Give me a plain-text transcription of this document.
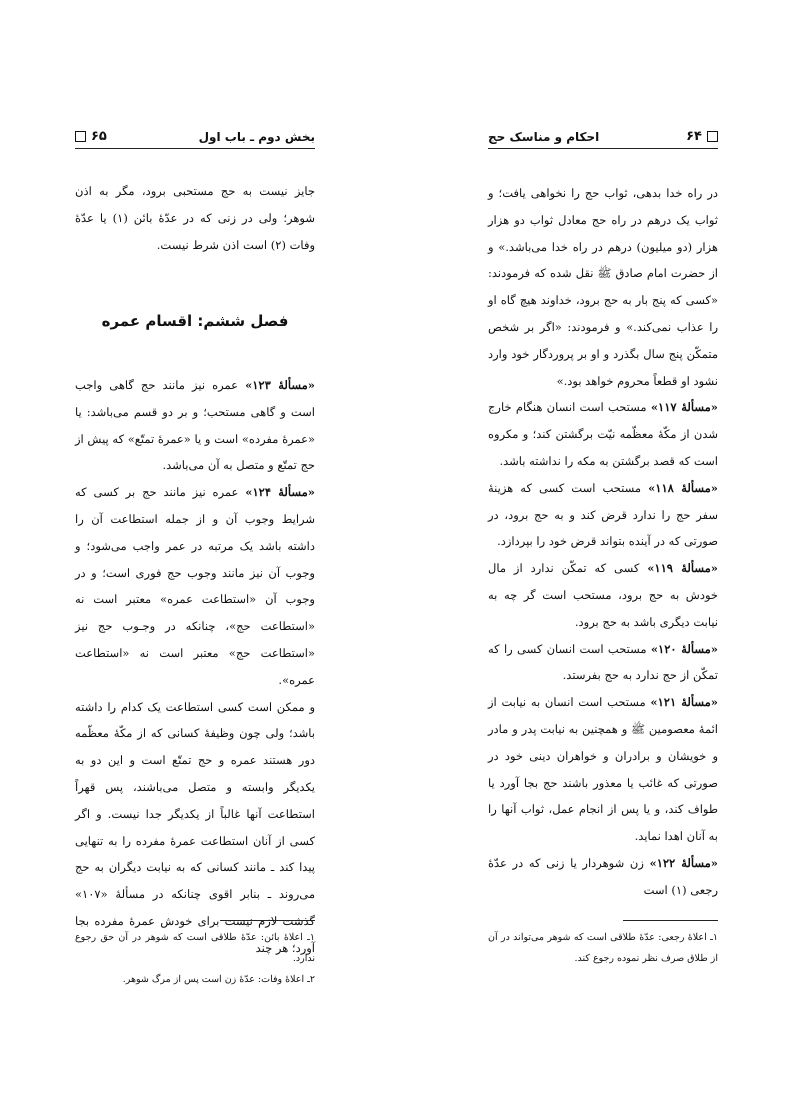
۶۵	بخش دوم ـ باب اول

جایز نیست به حج مستحبی برود، مگر به اذن شوهر؛ ولی در زنی که در عدّهٔ بائن (۱) یا عدّهٔ وفات (۲) است اذن شرط نیست.

فصل ششم: اقسام عمره

«مسألهٔ ۱۲۳» عمره نیز مانند حج گاهی واجب است و گاهی مستحب؛ و بر دو قسم می‌باشد: یا «عمرهٔ مفرده» است و یا «عمرهٔ تمتّع» که پیش از حج تمتّع و متصل به آن می‌باشد.

«مسألهٔ ۱۲۴» عمره نیز مانند حج بر کسی که شرایط وجوب آن و از جمله استطاعت آن را داشته باشد یک مرتبه در عمر واجب می‌شود؛ و وجوب آن نیز مانند وجوب حج فوری است؛ و در وجوب آن «استطاعت عمره» معتبر است نه «استطاعت حج»، چنانکه در وجـوب حج نیز «استطاعت حج» معتبر است نه «استطاعت عمره».

و ممکن است کسی استطاعت یک کدام را داشته باشد؛ ولی چون وظیفهٔ کسانی که از مکّهٔ معظّمه دور هستند عمره و حج تمتّع است و این دو به یکدیگر وابسته و متصل می‌باشند، پس قهراً استطاعت آنها غالباً از یکدیگر جدا نیست. و اگر کسی از آنان استطاعت عمرهٔ مفرده را به تنهایی پیدا کند ـ مانند کسانی که به نیابت دیگران به حج می‌روند ـ بنابر اقوی چنانکه در مسألهٔ «۱۰۷» گذشت لازم نیست برای خودش عمرهٔ مفرده بجا آورد؛ هر چند

۱ـ اعلاهٔ بائن: عدّهٔ طلاقی است که شوهر در آن حق رجوع ندارد.
۲ـ اعلاهٔ وفات: عدّهٔ زن است پس از مرگ شوهر.
احکام و مناسک حج	۶۴

در راه خدا بدهی، ثواب حج را نخواهی یافت؛ و ثواب یک درهم در راه حج معادل ثواب دو هزار هزار (دو میلیون) درهم در راه خدا می‌باشد.» و از حضرت امام صادق ﷺ نقل شده که فرمودند: «کسی که پنج بار به حج برود، خداوند هیچ گاه او را عذاب نمی‌کند.» و فرمودند: «اگر بر شخص متمکّن پنج سال بگذرد و او بر پروردگار خود وارد نشود او قطعاً محروم خواهد بود.»

«مسألهٔ ۱۱۷» مستحب است انسان هنگام خارج شدن از مکّهٔ معظّمه نیّت برگشتن کند؛ و مکروه است که قصد برگشتن به مکه را نداشته باشد.

«مسألهٔ ۱۱۸» مستحب است کسی که هزینهٔ سفر حج را ندارد قرض کند و به حج برود، در صورتی که در آینده بتواند قرض خود را بپردازد.

«مسألهٔ ۱۱۹» کسی که تمکّن ندارد از مال خودش به حج برود، مستحب است گر چه به نیابت دیگری باشد به حج برود.

«مسألهٔ ۱۲۰» مستحب است انسان کسی را که تمکّن از حج ندارد به حج بفرستد.

«مسألهٔ ۱۲۱» مستحب است انسان به نیابت از ائمهٔ معصومین ﷺ و همچنین به نیابت پدر و مادر و خویشان و برادران و خواهران دینی خود در صورتی که غائب یا معذور باشند حج بجا آورد یا طواف کند، و یا پس از انجام عمل، ثواب آنها را به آنان اهدا نماید.

«مسألهٔ ۱۲۲» زن شوهردار یا زنی که در عدّهٔ رجعی (۱) است

۱ـ اعلاهٔ رجعی: عدّهٔ طلاقی است که شوهر می‌تواند در آن از طلاق صرف نظر نموده رجوع کند.
